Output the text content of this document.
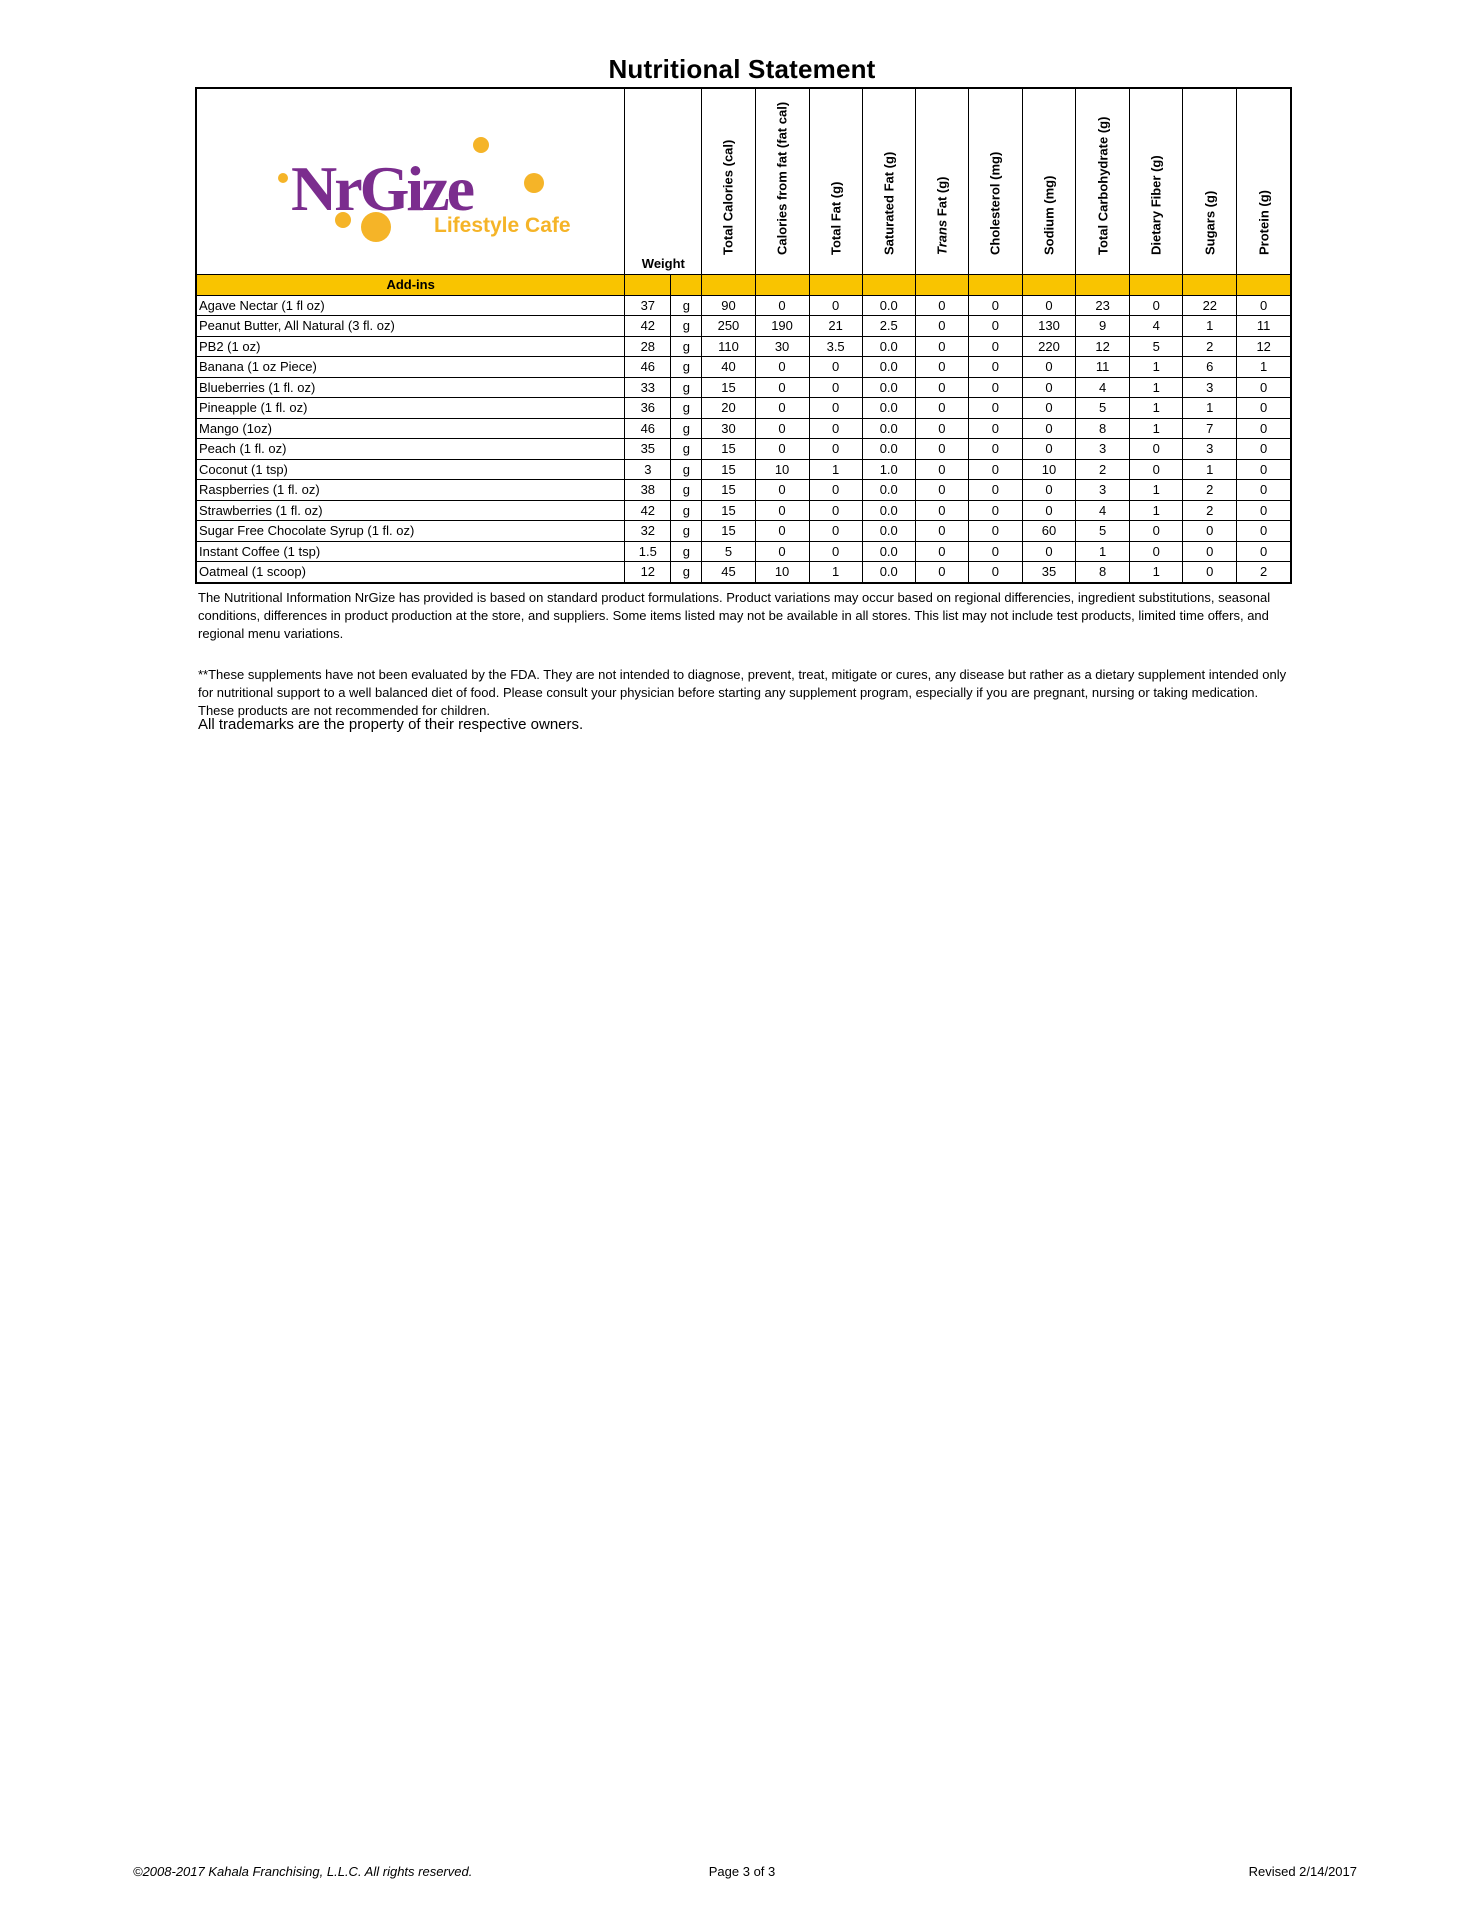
Nutritional Statement
NrGize
Lifestyle Cafe	Weight		Total Calories (cal)	Calories from fat (fat cal)	Total Fat (g)	Saturated Fat (g)	Trans Fat (g)	Cholesterol (mg)	Sodium (mg)	Total Carbohydrate (g)	Dietary Fiber (g)	Sugars (g)	Protein (g)

Add-ins													
Agave Nectar (1 fl oz)	37	g	90	0	0	0.0	0	0	0	23	0	22	0
Peanut Butter, All Natural (3 fl. oz)	42	g	250	190	21	2.5	0	0	130	9	4	1	11
PB2 (1 oz)	28	g	110	30	3.5	0.0	0	0	220	12	5	2	12
Banana (1 oz Piece)	46	g	40	0	0	0.0	0	0	0	11	1	6	1
Blueberries (1 fl. oz)	33	g	15	0	0	0.0	0	0	0	4	1	3	0
Pineapple (1 fl. oz)	36	g	20	0	0	0.0	0	0	0	5	1	1	0
Mango (1oz)	46	g	30	0	0	0.0	0	0	0	8	1	7	0
Peach (1 fl. oz)	35	g	15	0	0	0.0	0	0	0	3	0	3	0
Coconut (1 tsp)	3	g	15	10	1	1.0	0	0	10	2	0	1	0
Raspberries (1 fl. oz)	38	g	15	0	0	0.0	0	0	0	3	1	2	0
Strawberries (1 fl. oz)	42	g	15	0	0	0.0	0	0	0	4	1	2	0
Sugar Free Chocolate Syrup (1 fl. oz)	32	g	15	0	0	0.0	0	0	60	5	0	0	0
Instant Coffee (1 tsp)	1.5	g	5	0	0	0.0	0	0	0	1	0	0	0
Oatmeal (1 scoop)	12	g	45	10	1	0.0	0	0	35	8	1	0	2
The Nutritional Information NrGize has provided is based on standard product formulations. Product variations may occur based on regional differencies, ingredient substitutions, seasonal conditions, differences in product production at the store, and suppliers. Some items listed may not be available in all stores. This list may not include test products, limited time offers, and regional menu variations.
**These supplements have not been evaluated by the FDA. They are not intended to diagnose, prevent, treat, mitigate or cures, any disease but rather as a dietary supplement intended only for nutritional support to a well balanced diet of food. Please consult your physician before starting any supplement program, especially if you are pregnant, nursing or taking medication. These products are not recommended for children.
All trademarks are the property of their respective owners.
©2008-2017 Kahala Franchising, L.L.C. All rights reserved.	Page 3 of 3	Revised 2/14/2017
